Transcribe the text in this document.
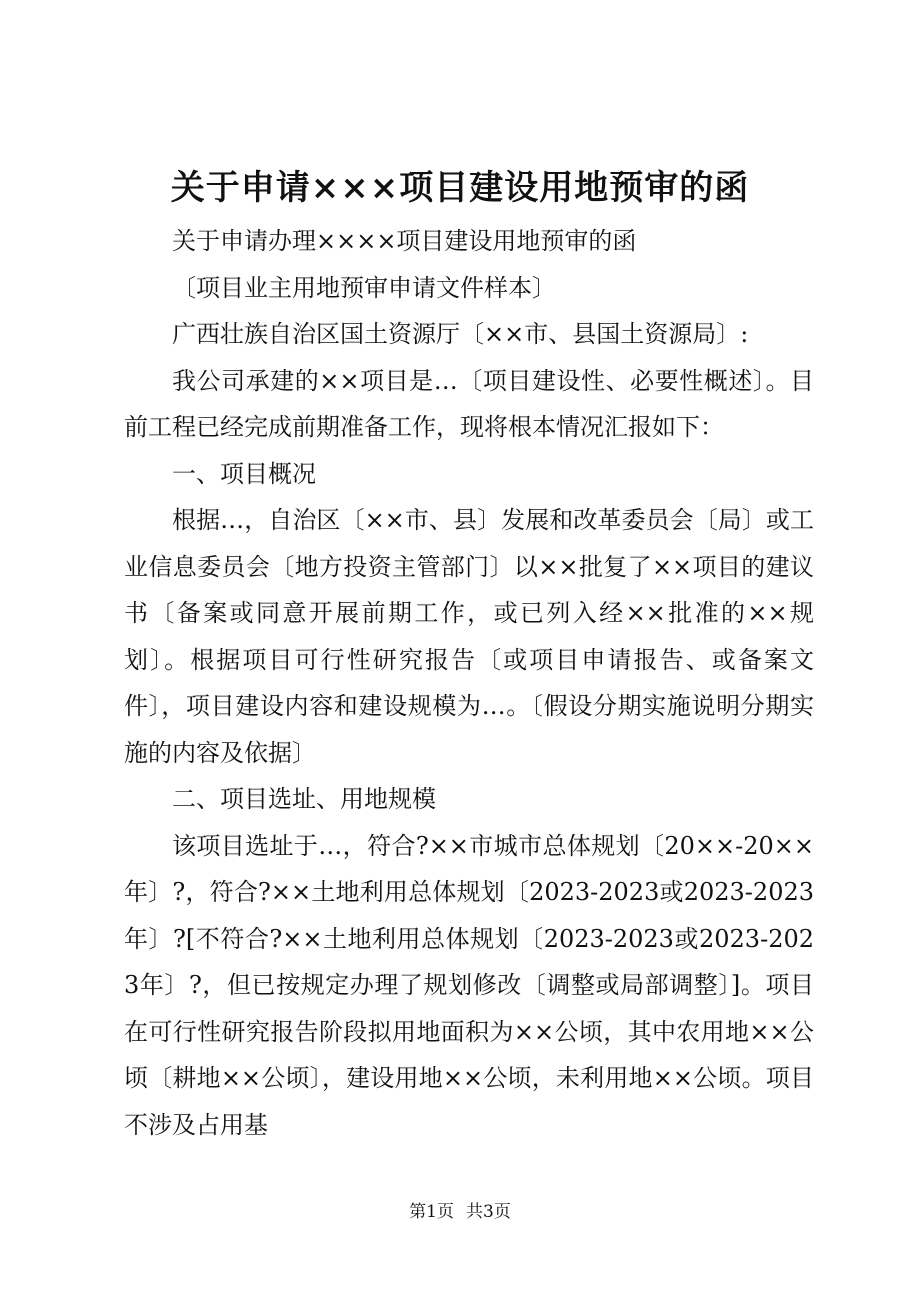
关于申请×××项目建设用地预审的函

关于申请办理××××项目建设用地预审的函

〔项目业主用地预审申请文件样本〕

广西壮族自治区国土资源厅〔××市、县国土资源局〕:

我公司承建的××项目是…〔项目建设性、必要性概述〕。目前工程已经完成前期准备工作，现将根本情况汇报如下：

一、项目概况

根据…，自治区〔××市、县〕发展和改革委员会〔局〕或工业信息委员会〔地方投资主管部门〕以××批复了××项目的建议书〔备案或同意开展前期工作，或已列入经××批准的××规划〕。根据项目可行性研究报告〔或项目申请报告、或备案文件〕，项目建设内容和建设规模为…。〔假设分期实施说明分期实施的内容及依据〕

二、项目选址、用地规模

该项目选址于…，符合?××市城市总体规划〔20××-20××年〕?，符合?××土地利用总体规划〔2023-2023或2023-2023年〕?[不符合?××土地利用总体规划〔2023-2023或2023-2023年〕?，但已按规定办理了规划修改〔调整或局部调整〕]。项目在可行性研究报告阶段拟用地面积为××公顷，其中农用地××公顷〔耕地××公顷〕，建设用地××公顷，未利用地××公顷。项目不涉及占用基

第1页 共3页
